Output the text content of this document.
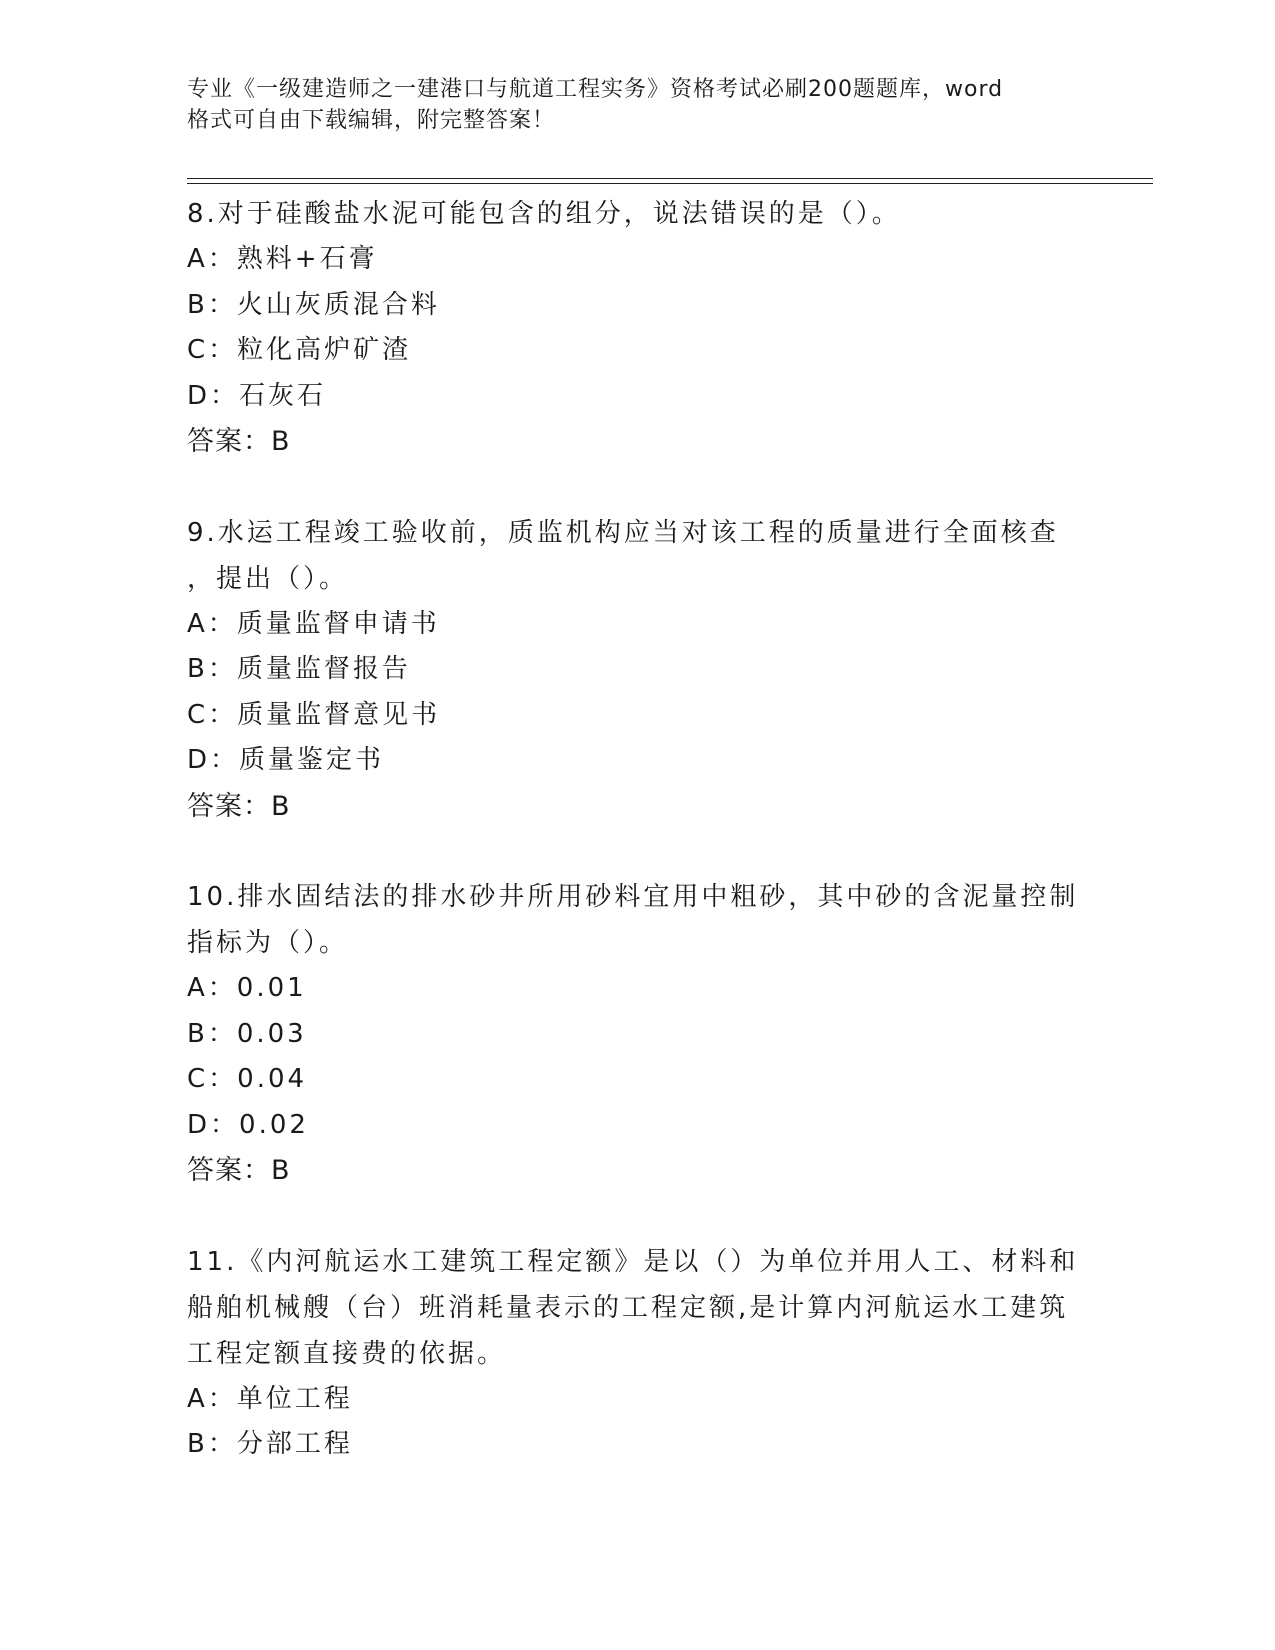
专业《一级建造师之一建港口与航道工程实务》资格考试必刷200题题库，word
格式可自由下载编辑，附完整答案！
8.对于硅酸盐水泥可能包含的组分，说法错误的是（）。
A：熟料+石膏
B：火山灰质混合料
C：粒化高炉矿渣
D：石灰石
答案：B
9.水运工程竣工验收前，质监机构应当对该工程的质量进行全面核查
，提出（）。
A：质量监督申请书
B：质量监督报告
C：质量监督意见书
D：质量鉴定书
答案：B
10.排水固结法的排水砂井所用砂料宜用中粗砂，其中砂的含泥量控制
指标为（）。
A：0.01
B：0.03
C：0.04
D：0.02
答案：B
11.《内河航运水工建筑工程定额》是以（）为单位并用人工、材料和
船舶机械艘（台）班消耗量表示的工程定额,是计算内河航运水工建筑
工程定额直接费的依据。
A：单位工程
B：分部工程
